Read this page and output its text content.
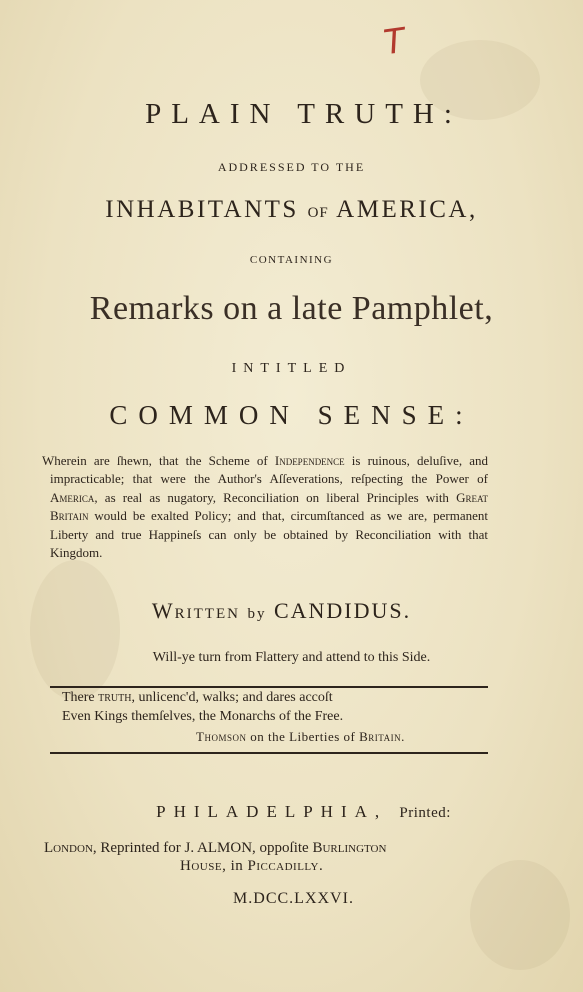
T
PLAIN TRUTH:
ADDRESSED TO THE
INHABITANTS OF AMERICA,
CONTAINING
Remarks on a late Pamphlet,
INTITLED
COMMON SENSE:
Wherein are ſhewn, that the Scheme of Independence is ruinous, deluſive, and impracticable; that were the Author's Aſſeverations, reſpecting the Power of America, as real as nugatory, Reconciliation on liberal Principles with Great Britain would be exalted Policy; and that, circumſtanced as we are, permanent Liberty and true Happineſs can only be obtained by Reconciliation with that Kingdom.
Written by CANDIDUS.
Will-ye turn from Flattery and attend to this Side.
There truth, unlicenc'd, walks; and dares accoſt
Even Kings themſelves, the Monarchs of the Free.
Thomson on the Liberties of Britain.
PHILADELPHIA, Printed:
London, Reprinted for J. ALMON, oppoſite Burlington
House, in Piccadilly.
M.DCC.LXXVI.
